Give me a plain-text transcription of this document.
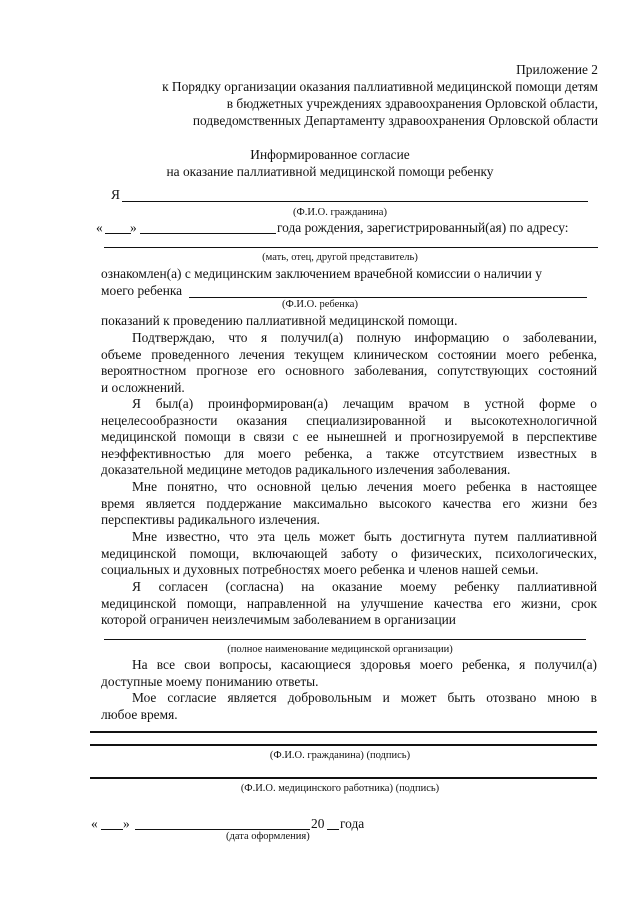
Приложение 2
к Порядку организации оказания паллиативной медицинской помощи детям
в бюджетных учреждениях здравоохранения Орловской области,
подведомственных Департаменту здравоохранения Орловской области
Информированное согласие
на оказание паллиативной медицинской помощи ребенку
Я
(Ф.И.О. гражданина)
« »	года рождения, зарегистрированный(ая) по адресу:
(мать, отец, другой представитель)
ознакомлен(а) с медицинским заключением врачебной комиссии о наличии у
моего ребенка
(Ф.И.О. ребенка)
показаний к проведению паллиативной медицинской помощи.
Подтверждаю, что я получил(а) полную информацию о заболевании,
объеме проведенного лечения текущем клиническом состоянии моего ребенка,
вероятностном прогнозе его основного заболевания, сопутствующих состояний
и осложнений.
Я был(а) проинформирован(а) лечащим врачом в устной форме о
нецелесообразности оказания специализированной и высокотехнологичной
медицинской помощи в связи с ее нынешней и прогнозируемой в перспективе
неэффективностью для моего ребенка, а также отсутствием известных в
доказательной медицине методов радикального излечения заболевания.
Мне понятно, что основной целью лечения моего ребенка в настоящее
время является поддержание максимально высокого качества его жизни без
перспективы радикального излечения.
Мне известно, что эта цель может быть достигнута путем паллиативной
медицинской помощи, включающей заботу о физических, психологических,
социальных и духовных потребностях моего ребенка и членов нашей семьи.
Я согласен (согласна) на оказание моему ребенку паллиативной
медицинской помощи, направленной на улучшение качества его жизни, срок
которой ограничен неизлечимым заболеванием в организации
(полное наименование медицинской организации)
На все свои вопросы, касающиеся здоровья моего ребенка, я получил(а)
доступные моему пониманию ответы.
Мое согласие является добровольным и может быть отозвано мною в
любое время.
(Ф.И.О. гражданина) (подпись)
(Ф.И.О. медицинского работника) (подпись)
« »	20 года
(дата оформления)
